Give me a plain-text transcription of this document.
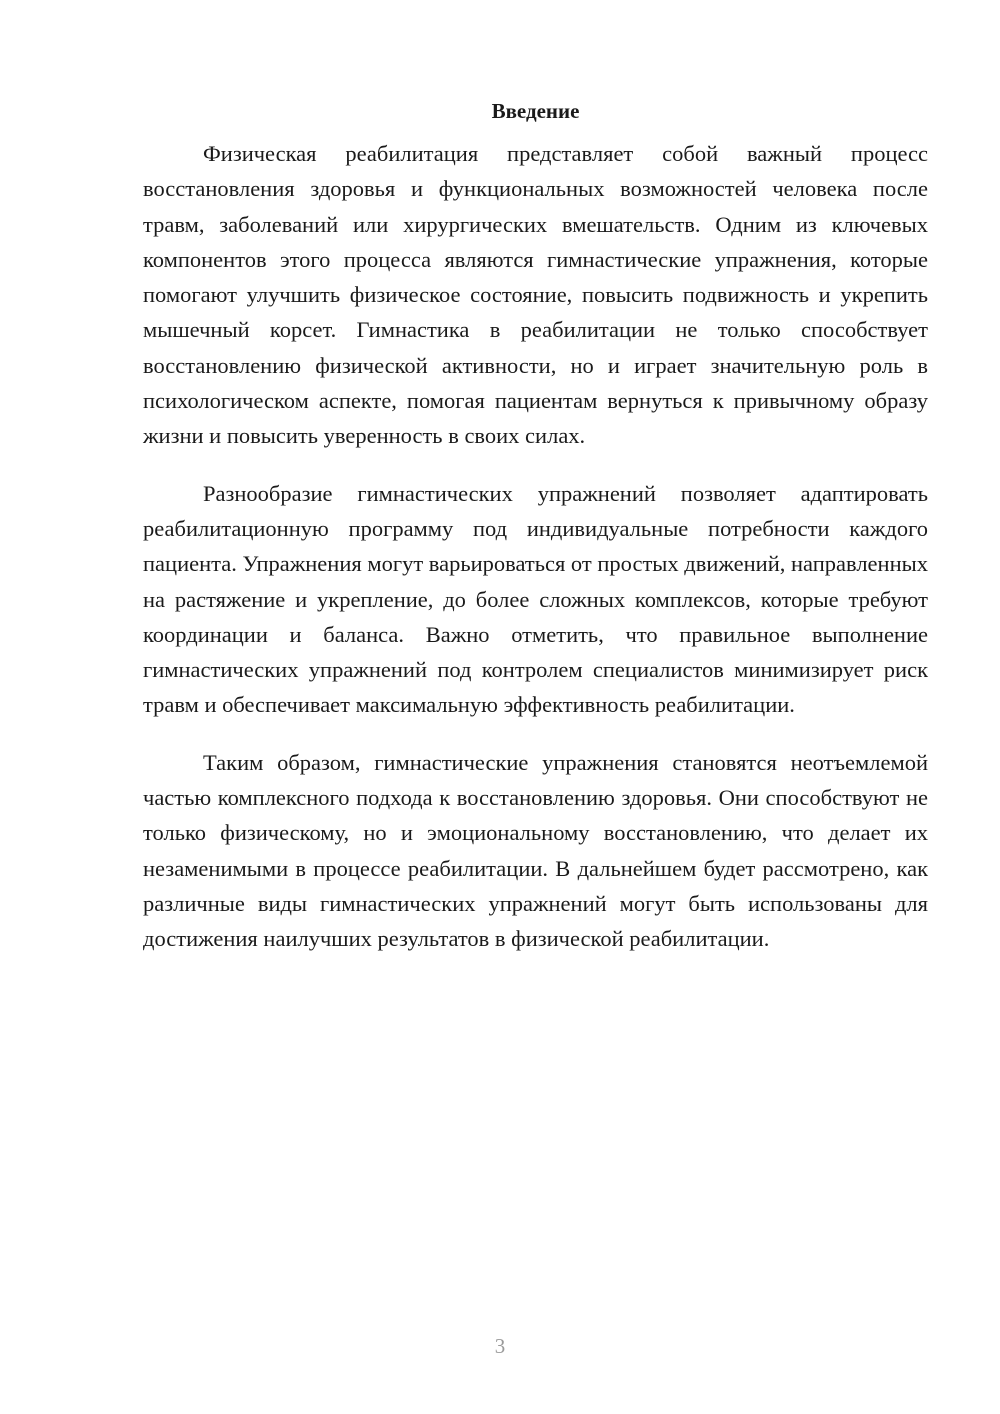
Введение

Физическая реабилитация представляет собой важный процесс восстановления здоровья и функциональных возможностей человека после травм, заболеваний или хирургических вмешательств. Одним из ключевых компонентов этого процесса являются гимнастические упражнения, которые помогают улучшить физическое состояние, повысить подвижность и укрепить мышечный корсет. Гимнастика в реабилитации не только способствует восстановлению физической активности, но и играет значительную роль в психологическом аспекте, помогая пациентам вернуться к привычному образу жизни и повысить уверенность в своих силах.

Разнообразие гимнастических упражнений позволяет адаптировать реабилитационную программу под индивидуальные потребности каждого пациента. Упражнения могут варьироваться от простых движений, направленных на растяжение и укрепление, до более сложных комплексов, которые требуют координации и баланса. Важно отметить, что правильное выполнение гимнастических упражнений под контролем специалистов минимизирует риск травм и обеспечивает максимальную эффективность реабилитации.

Таким образом, гимнастические упражнения становятся неотъемлемой частью комплексного подхода к восстановлению здоровья. Они способствуют не только физическому, но и эмоциональному восстановлению, что делает их незаменимыми в процессе реабилитации. В дальнейшем будет рассмотрено, как различные виды гимнастических упражнений могут быть использованы для достижения наилучших результатов в физической реабилитации.

3
